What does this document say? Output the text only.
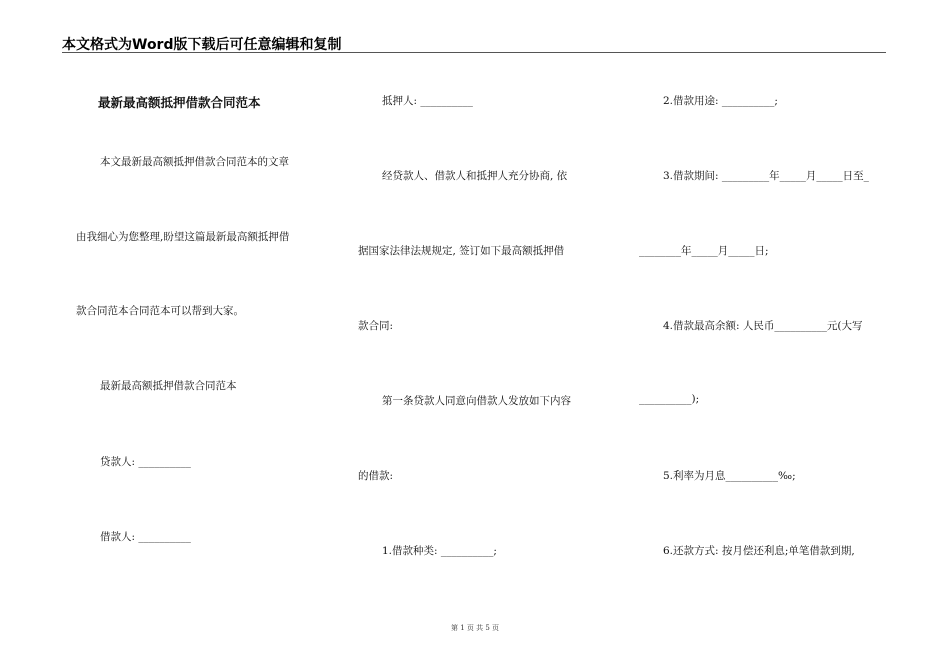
本文格式为Word版下载后可任意编辑和复制
最新最高额抵押借款合同范本
本文最新最高额抵押借款合同范本的文章
由我细心为您整理,盼望这篇最新最高额抵押借
款合同范本合同范本可以帮到大家。
最新最高额抵押借款合同范本
贷款人: __________
借款人: __________
抵押人: __________
经贷款人、借款人和抵押人充分协商, 依
据国家法律法规规定, 签订如下最高额抵押借
款合同:
第一条贷款人同意向借款人发放如下内容
的借款:
1.借款种类: __________;
2.借款用途: __________;
3.借款期间: _________年_____月_____日至_
________年_____月_____日;
4.借款最高余额: 人民币__________元(大写
__________);
5.利率为月息__________‰;
6.还款方式: 按月偿还利息;单笔借款到期,
第 1 页 共 5 页
